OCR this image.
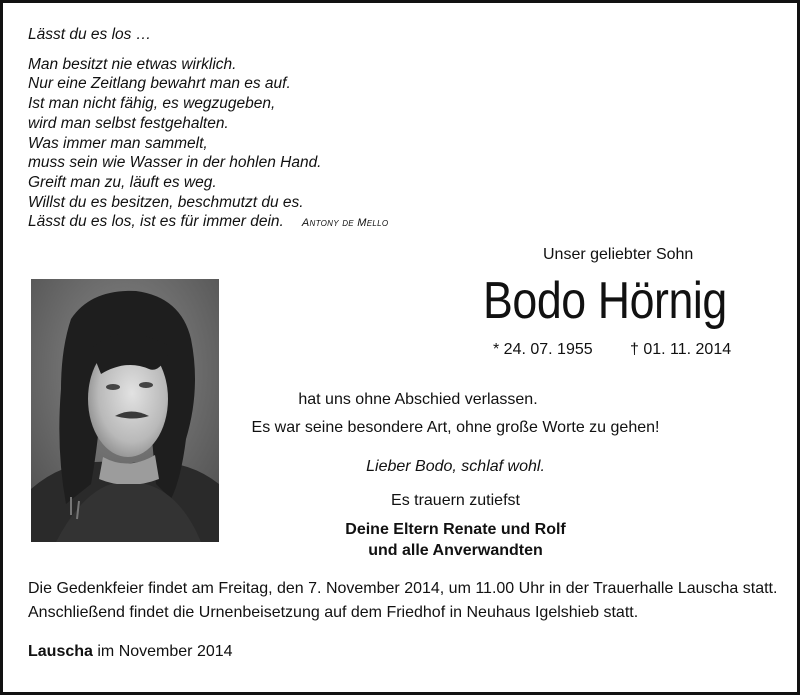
Lässt du es los …
Man besitzt nie etwas wirklich.
Nur eine Zeitlang bewahrt man es auf.
Ist man nicht fähig, es wegzugeben,
wird man selbst festgehalten.
Was immer man sammelt,
muss sein wie Wasser in der hohlen Hand.
Greift man zu, läuft es weg.
Willst du es besitzen, beschmutzt du es.
Lässt du es los, ist es für immer dein. Antony de Mello
Unser geliebter Sohn
Bodo Hörnig
* 24. 07. 1955 † 01. 11. 2014
hat uns ohne Abschied verlassen.
Es war seine besondere Art, ohne große Worte zu gehen!
Lieber Bodo, schlaf wohl.
Es trauern zutiefst
Deine Eltern Renate und Rolf
und alle Anverwandten
Die Gedenkfeier findet am Freitag, den 7. November 2014, um 11.00 Uhr in der Trauerhalle Lauscha statt.
Anschließend findet die Urnenbeisetzung auf dem Friedhof in Neuhaus Igelshieb statt.
Lauscha im November 2014
